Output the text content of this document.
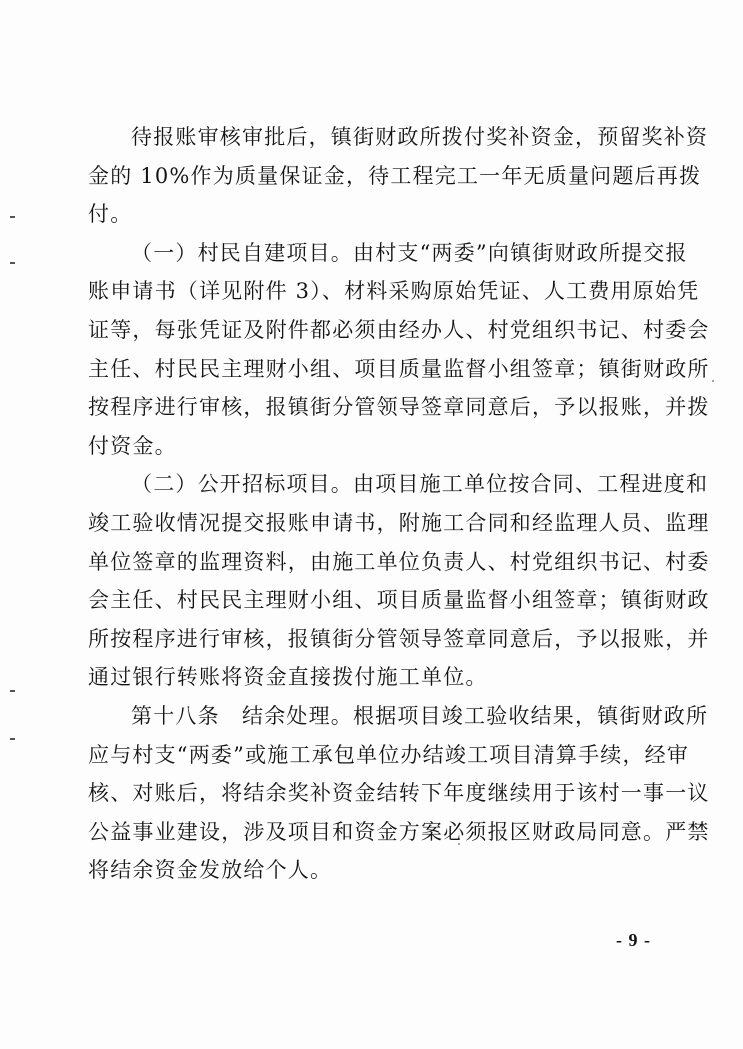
待报账审核审批后，镇街财政所拨付奖补资金，预留奖补资
金的 10%作为质量保证金，待工程完工一年无质量问题后再拨
付。
（一）村民自建项目。由村支“两委”向镇街财政所提交报
账申请书（详见附件 3）、材料采购原始凭证、人工费用原始凭
证等，每张凭证及附件都必须由经办人、村党组织书记、村委会
主任、村民民主理财小组、项目质量监督小组签章；镇街财政所
按程序进行审核，报镇街分管领导签章同意后，予以报账，并拨
付资金。
（二）公开招标项目。由项目施工单位按合同、工程进度和
竣工验收情况提交报账申请书，附施工合同和经监理人员、监理
单位签章的监理资料，由施工单位负责人、村党组织书记、村委
会主任、村民民主理财小组、项目质量监督小组签章；镇街财政
所按程序进行审核，报镇街分管领导签章同意后，予以报账，并
通过银行转账将资金直接拨付施工单位。
第十八条　结余处理。根据项目竣工验收结果，镇街财政所
应与村支“两委”或施工承包单位办结竣工项目清算手续，经审
核、对账后，将结余奖补资金结转下年度继续用于该村一事一议
公益事业建设，涉及项目和资金方案必须报区财政局同意。严禁
将结余资金发放给个人。
- 9 -
